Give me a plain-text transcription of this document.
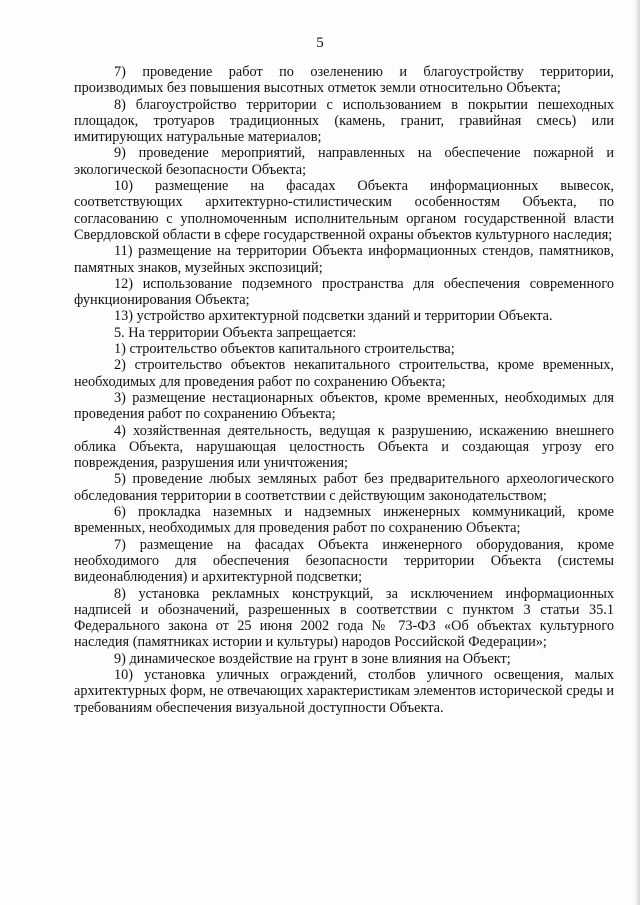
5

7) проведение работ по озеленению и благоустройству территории, производимых без повышения высотных отметок земли относительно Объекта;

8) благоустройство территории с использованием в покрытии пешеходных площадок, тротуаров традиционных (камень, гранит, гравийная смесь) или имитирующих натуральные материалов;

9) проведение мероприятий, направленных на обеспечение пожарной и экологической безопасности Объекта;

10) размещение на фасадах Объекта информационных вывесок, соответствующих архитектурно-стилистическим особенностям Объекта, по согласованию с уполномоченным исполнительным органом государственной власти Свердловской области в сфере государственной охраны объектов культурного наследия;

11) размещение на территории Объекта информационных стендов, памятников, памятных знаков, музейных экспозиций;

12) использование подземного пространства для обеспечения современного функционирования Объекта;

13) устройство архитектурной подсветки зданий и территории Объекта.

5. На территории Объекта запрещается:

1) строительство объектов капитального строительства;

2) строительство объектов некапитального строительства, кроме временных, необходимых для проведения работ по сохранению Объекта;

3) размещение нестационарных объектов, кроме временных, необходимых для проведения работ по сохранению Объекта;

4) хозяйственная деятельность, ведущая к разрушению, искажению внешнего облика Объекта, нарушающая целостность Объекта и создающая угрозу его повреждения, разрушения или уничтожения;

5) проведение любых земляных работ без предварительного археологического обследования территории в соответствии с действующим законодательством;

6) прокладка наземных и надземных инженерных коммуникаций, кроме временных, необходимых для проведения работ по сохранению Объекта;

7) размещение на фасадах Объекта инженерного оборудования, кроме необходимого для обеспечения безопасности территории Объекта (системы видеонаблюдения) и архитектурной подсветки;

8) установка рекламных конструкций, за исключением информационных надписей и обозначений, разрешенных в соответствии с пунктом 3 статьи 35.1 Федерального закона от 25 июня 2002 года № 73-ФЗ «Об объектах культурного наследия (памятниках истории и культуры) народов Российской Федерации»;

9) динамическое воздействие на грунт в зоне влияния на Объект;

10) установка уличных ограждений, столбов уличного освещения, малых архитектурных форм, не отвечающих характеристикам элементов исторической среды и требованиям обеспечения визуальной доступности Объекта.
